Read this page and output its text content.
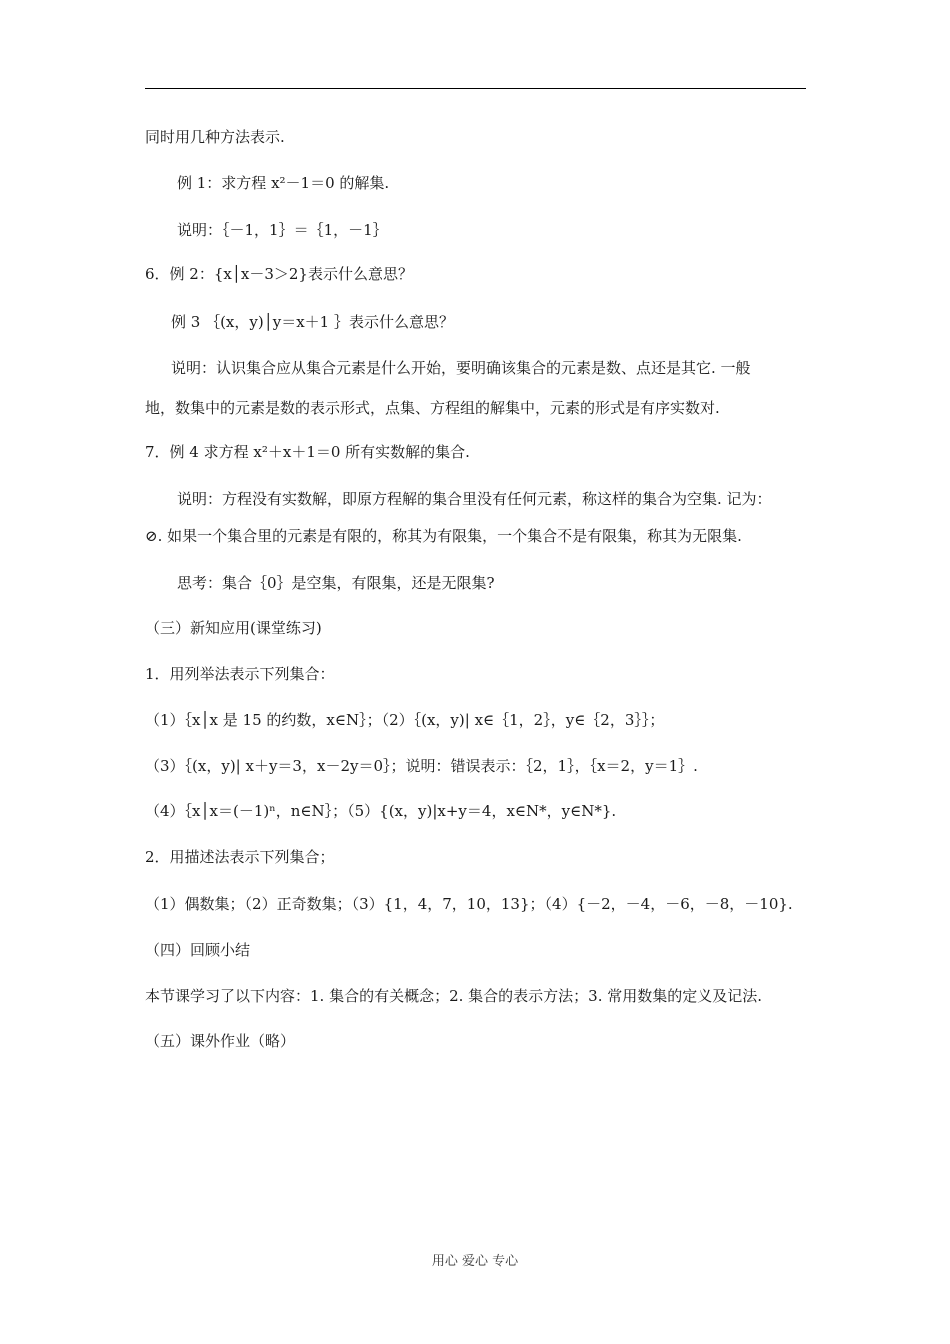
同时用几种方法表示.
例 1：求方程 x²－1＝0 的解集.
说明：｛－1，1｝＝｛1，－1｝
6．例 2：{x│x－3＞2}表示什么意思？
例 3 ｛(x，y)│y＝x＋1 ｝表示什么意思？
说明：认识集合应从集合元素是什么开始，要明确该集合的元素是数、点还是其它. 一般
地，数集中的元素是数的表示形式，点集、方程组的解集中，元素的形式是有序实数对.
7．例 4 求方程 x²＋x＋1＝0 所有实数解的集合.
说明：方程没有实数解，即原方程解的集合里没有任何元素，称这样的集合为空集. 记为：
⊘. 如果一个集合里的元素是有限的，称其为有限集，一个集合不是有限集，称其为无限集.
思考：集合｛0｝是空集，有限集，还是无限集?
（三）新知应用(课堂练习)
1．用列举法表示下列集合：
（1）｛x│x 是 15 的约数，x∈N｝；（2）｛(x，y)| x∈｛1，2｝，y∈｛2，3｝｝；
（3）｛(x，y)| x＋y＝3，x－2y＝0｝；说明：错误表示：｛2，1｝，｛x＝2，y＝1｝.
（4）｛x│x＝(－1)ⁿ，n∈N｝；（5）{(x，y)|x+y＝4，x∈N*，y∈N*}.
2．用描述法表示下列集合；
（1）偶数集；（2）正奇数集；（3）{1，4，7，10，13}；（4）{－2，－4，－6，－8，－10}.
（四）回顾小结
本节课学习了以下内容：1. 集合的有关概念；2. 集合的表示方法；3. 常用数集的定义及记法.
（五）课外作业（略）
用心 爱心 专心
